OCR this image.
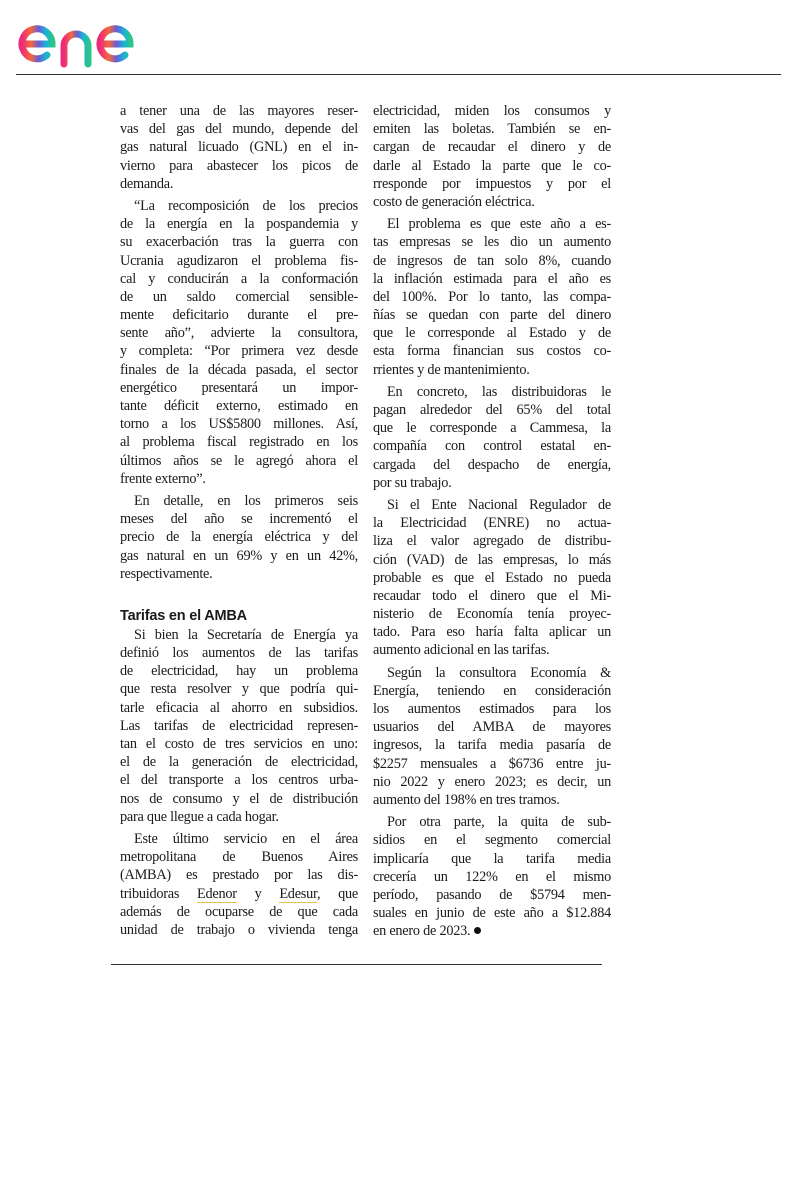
a tener una de las mayores reser-
vas del gas del mundo, depende del
gas natural licuado (GNL) en el in-
vierno para abastecer los picos de
demanda.
“La recomposición de los precios
de la energía en la pospandemia y
su exacerbación tras la guerra con
Ucrania agudizaron el problema fis-
cal y conducirán a la conformación
de un saldo comercial sensible-
mente deficitario durante el pre-
sente año”, advierte la consultora,
y completa: “Por primera vez desde
finales de la década pasada, el sector
energético presentará un impor-
tante déficit externo, estimado en
torno a los US$5800 millones. Así,
al problema fiscal registrado en los
últimos años se le agregó ahora el
frente externo”.
En detalle, en los primeros seis
meses del año se incrementó el
precio de la energía eléctrica y del
gas natural en un 69% y en un 42%,
respectivamente.
Tarifas en el AMBA
Si bien la Secretaría de Energía ya
definió los aumentos de las tarifas
de electricidad, hay un problema
que resta resolver y que podría qui-
tarle eficacia al ahorro en subsidios.
Las tarifas de electricidad represen-
tan el costo de tres servicios en uno:
el de la generación de electricidad,
el del transporte a los centros urba-
nos de consumo y el de distribución
para que llegue a cada hogar.
Este último servicio en el área
metropolitana de Buenos Aires
(AMBA) es prestado por las dis-
tribuidoras Edenor y Edesur, que
además de ocuparse de que cada
unidad de trabajo o vivienda tenga
electricidad, miden los consumos y
emiten las boletas. También se en-
cargan de recaudar el dinero y de
darle al Estado la parte que le co-
rresponde por impuestos y por el
costo de generación eléctrica.
El problema es que este año a es-
tas empresas se les dio un aumento
de ingresos de tan solo 8%, cuando
la inflación estimada para el año es
del 100%. Por lo tanto, las compa-
ñías se quedan con parte del dinero
que le corresponde al Estado y de
esta forma financian sus costos co-
rrientes y de mantenimiento.
En concreto, las distribuidoras le
pagan alrededor del 65% del total
que le corresponde a Cammesa, la
compañía con control estatal en-
cargada del despacho de energía,
por su trabajo.
Si el Ente Nacional Regulador de
la Electricidad (ENRE) no actua-
liza el valor agregado de distribu-
ción (VAD) de las empresas, lo más
probable es que el Estado no pueda
recaudar todo el dinero que el Mi-
nisterio de Economía tenía proyec-
tado. Para eso haría falta aplicar un
aumento adicional en las tarifas.
Según la consultora Economía &
Energía, teniendo en consideración
los aumentos estimados para los
usuarios del AMBA de mayores
ingresos, la tarifa media pasaría de
$2257 mensuales a $6736 entre ju-
nio 2022 y enero 2023; es decir, un
aumento del 198% en tres tramos.
Por otra parte, la quita de sub-
sidios en el segmento comercial
implicaría que la tarifa media
crecería un 122% en el mismo
período, pasando de $5794 men-
suales en junio de este año a $12.884
en enero de 2023.
